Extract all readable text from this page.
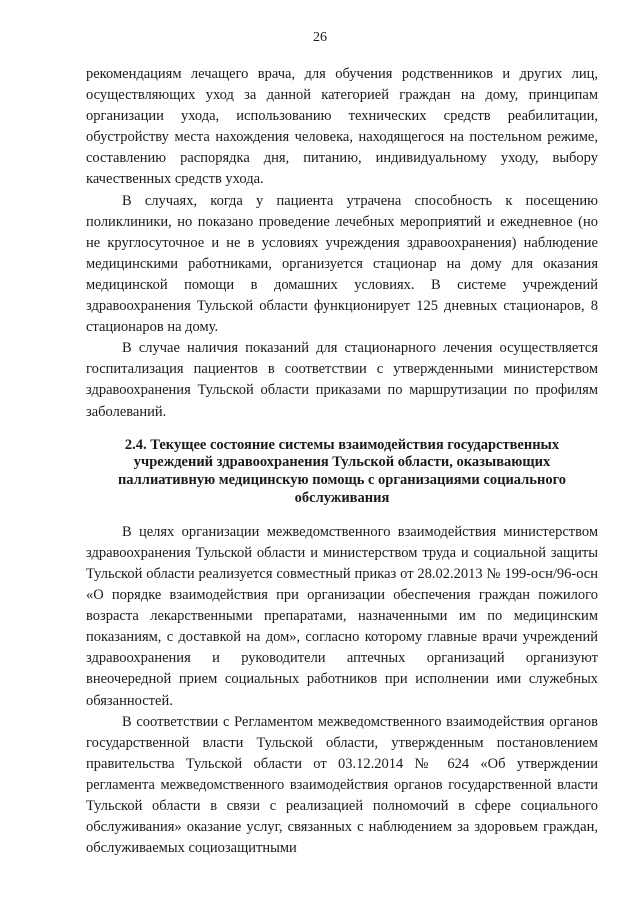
26

рекомендациям лечащего врача, для обучения родственников и других лиц, осуществляющих уход за данной категорией граждан на дому, принципам организации ухода, использованию технических средств реабилитации, обустройству места нахождения человека, находящегося на постельном режиме, составлению распорядка дня, питанию, индивидуальному уходу, выбору качественных средств ухода.

В случаях, когда у пациента утрачена способность к посещению поликлиники, но показано проведение лечебных мероприятий и ежедневное (но не круглосуточное и не в условиях учреждения здравоохранения) наблюдение медицинскими работниками, организуется стационар на дому для оказания медицинской помощи в домашних условиях. В системе учреждений здравоохранения Тульской области функционирует 125 дневных стационаров, 8 стационаров на дому.

В случае наличия показаний для стационарного лечения осуществляется госпитализация пациентов в соответствии с утвержденными министерством здравоохранения Тульской области приказами по маршрутизации по профилям заболеваний.

2.4. Текущее состояние системы взаимодействия государственных учреждений здравоохранения Тульской области, оказывающих паллиативную медицинскую помощь с организациями социального обслуживания

В целях организации межведомственного взаимодействия министерством здравоохранения Тульской области и министерством труда и социальной защиты Тульской области реализуется совместный приказ от 28.02.2013 № 199-осн/96-осн «О порядке взаимодействия при организации обеспечения граждан пожилого возраста лекарственными препаратами, назначенными им по медицинским показаниям, с доставкой на дом», согласно которому главные врачи учреждений здравоохранения и руководители аптечных организаций организуют внеочередной прием социальных работников при исполнении ими служебных обязанностей.

В соответствии с Регламентом межведомственного взаимодействия органов государственной власти Тульской области, утвержденным постановлением правительства Тульской области от 03.12.2014 № 624 «Об утверждении регламента межведомственного взаимодействия органов государственной власти Тульской области в связи с реализацией полномочий в сфере социального обслуживания» оказание услуг, связанных с наблюдением за здоровьем граждан, обслуживаемых социозащитными
